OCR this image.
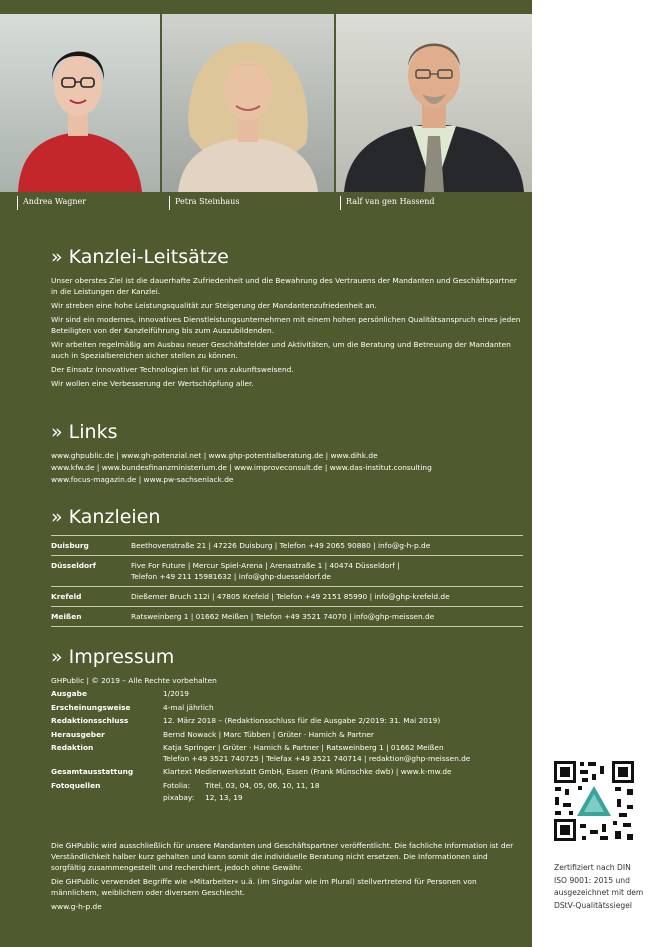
Andrea Wagner	Petra Steinhaus	Ralf van gen Hassend
» Kanzlei-Leitsätze

Unser oberstes Ziel ist die dauerhafte Zufriedenheit und die Bewahrung des Vertrauens der Mandanten und Geschäftspartner in die Leistungen der Kanzlei.

Wir streben eine hohe Leistungsqualität zur Steigerung der Mandantenzufriedenheit an.

Wir sind ein modernes, innovatives Dienstleistungsunternehmen mit einem hohen persönlichen Qualitätsanspruch eines jeden Beteiligten von der Kanzleiführung bis zum Auszubildenden.

Wir arbeiten regelmäßig am Ausbau neuer Geschäftsfelder und Aktivitäten, um die Beratung und Betreuung der Mandanten auch in Spezialbereichen sicher stellen zu können.

Der Einsatz innovativer Technologien ist für uns zukunftsweisend.

Wir wollen eine Verbesserung der Wertschöpfung aller.

» Links
www.ghpublic.de | www.gh-potenzial.net | www.ghp-potentialberatung.de | www.dihk.de
www.kfw.de | www.bundesfinanzministerium.de | www.improveconsult.de | www.das-institut.consulting
www.focus-magazin.de | www.pw-sachsenlack.de
» Kanzleien
Duisburg	Beethovenstraße 21 | 47226 Duisburg | Telefon +49 2065 90880 | info@g-h-p.de
Düsseldorf	Five For Future | Mercur Spiel-Arena | Arenastraße 1 | 40474 Düsseldorf |
Telefon +49 211 15981632 | info@ghp-duesseldorf.de

Krefeld	Dießemer Bruch 112i | 47805 Krefeld | Telefon +49 2151 85990 | info@ghp-krefeld.de
Meißen	Ratsweinberg 1 | 01662 Meißen | Telefon +49 3521 74070 | info@ghp-meissen.de
» Impressum
GHPublic | © 2019 – Alle Rechte vorbehalten
Ausgabe	1/2019
Erscheinungsweise	4-mal jährlich
Redaktionsschluss	12. März 2018 – (Redaktionsschluss für die Ausgabe 2/2019: 31. Mai 2019)
Herausgeber	Bernd Nowack | Marc Tübben | Grüter · Hamich & Partner
Redaktion	Katja Springer | Grüter · Hamich & Partner | Ratsweinberg 1 | 01662 Meißen
Telefon +49 3521 740725 | Telefax +49 3521 740714 | redaktion@ghp-meissen.de

Gesamtausstattung	Klartext Medienwerkstatt GmbH, Essen (Frank Münschke dwb) | www.k-mw.de
Fotoquellen	Fotolia: Titel, 03, 04, 05, 06, 10, 11, 18
pixabay: 12, 13, 19

Die GHPublic wird ausschließlich für unsere Mandanten und Geschäftspartner veröffentlicht. Die fachliche Information ist der Verständlichkeit halber kurz gehalten und kann somit die individuelle Beratung nicht ersetzen. Die Informationen sind sorgfältig zusammengestellt und recherchiert, jedoch ohne Gewähr.

Die GHPublic verwendet Begriffe wie »Mitarbeiter« u.ä. (im Singular wie im Plural) stellvertretend für Personen von männlichem, weiblichem oder diversem Geschlecht.

www.g-h-p.de

Zertifiziert nach DIN
ISO 9001: 2015 und
ausgezeichnet mit dem
DStV-Qualitätssiegel
